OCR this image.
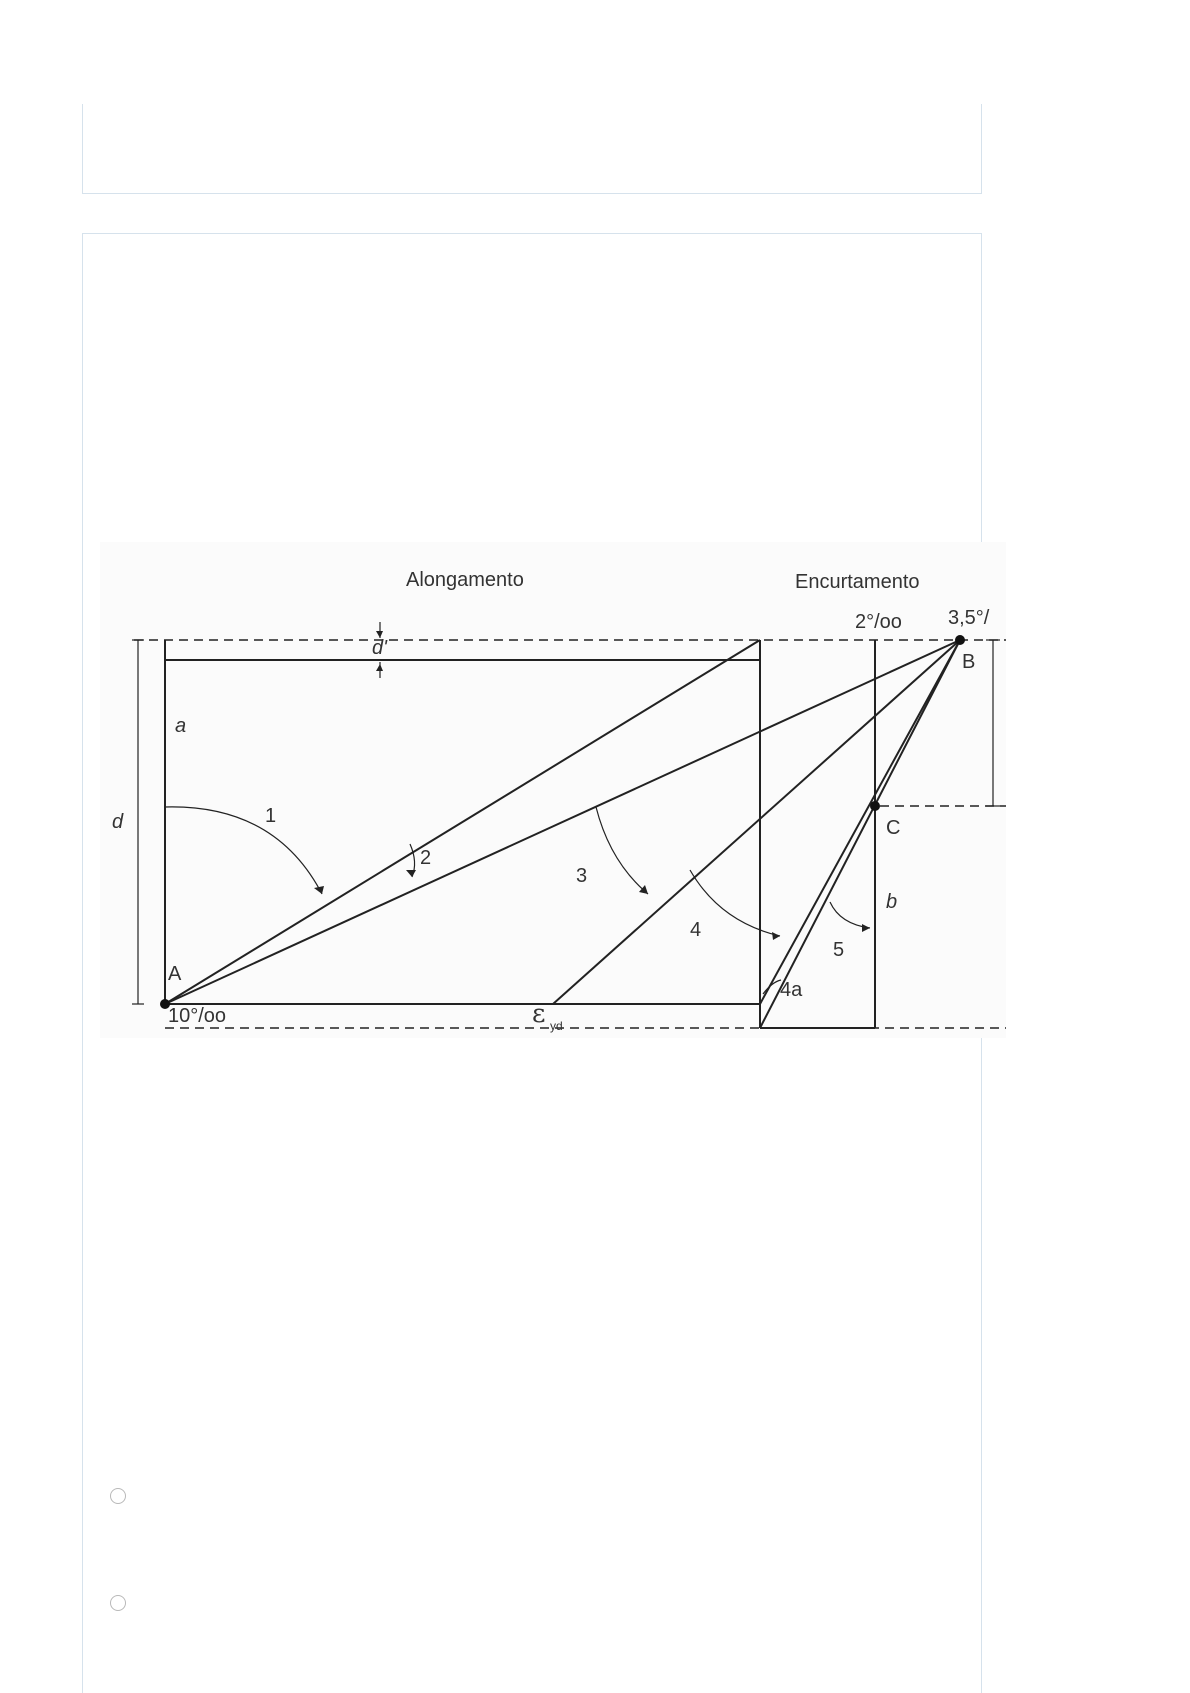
Alongamento	Encurtamento
2°/oo 3,5°/
10°/oo
A
B
C
d
d'
a
b
1
2
3
4
4a
5
ε yd
